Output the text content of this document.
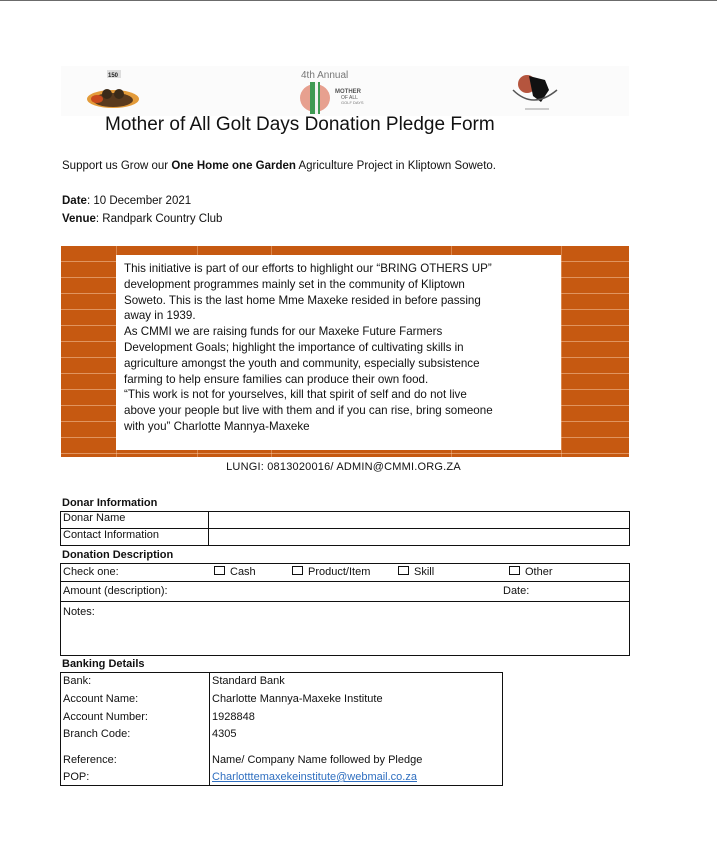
150	4th Annual
MOTHER
OF ALL
GOLF DAYS
Mother of All Golt Days Donation Pledge Form
Support us Grow our One Home one Garden Agriculture Project in Kliptown Soweto.
Date: 10 December 2021
Venue: Randpark Country Club

This initiative is part of our efforts to highlight our “BRING OTHERS UP”

development programmes mainly set in the community of Kliptown

Soweto. This is the last home Mme Maxeke resided in before passing

away in 1939.

As CMMI we are raising funds for our Maxeke Future Farmers

Development Goals; highlight the importance of cultivating skills in

agriculture amongst the youth and community, especially subsistence

farming to help ensure families can produce their own food.

“This work is not for yourselves, kill that spirit of self and do not live

above your people but live with them and if you can rise, bring someone

with you” Charlotte Mannya-Maxeke

LUNGI: 0813020016/ ADMIN@CMMI.ORG.ZA
Donar Information
Donar Name	
Contact Information	
Donation Description
Check one:	Cash	Product/Item	Skill	Other
Amount (description):	Date:
Notes:
Banking Details
Bank:	Standard Bank
Account Name:	Charlotte Mannya-Maxeke Institute
Account Number:	1928848
Branch Code:	4305
Reference:	Name/ Company Name followed by Pledge
POP:	Charlotttemaxekeinstitute@webmail.co.za
